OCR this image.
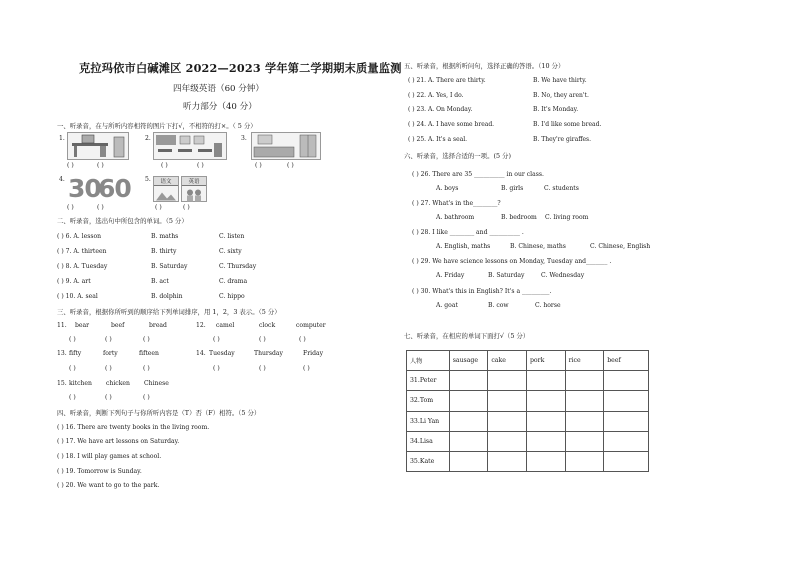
克拉玛依市白碱滩区 2022—2023 学年第二学期期末质量监测
四年级英语（60 分钟）
听力部分（40 分）
一、听录音，在与所听内容相符的图片下打√，不相符的打×。（ 5 分）
1.
( )	( )
2.
( )	( )
3.
( )	( )
4. 30
60
( )	( )
5.	语文	英语
( )	( )
二、听录音，选出句中所包含的单词。（5 分）
( ) 6. A. lesson	B. maths	C. listen
( ) 7. A. thirteen	B. thirty	C. sixty
( ) 8. A. Tuesday	B. Saturday	C. Thursday
( ) 9. A. art	B. act	C. drama
( ) 10. A. seal	B. dolphin	C. hippo
三、听录音，根据你所听到的顺序给下列单词排序，用 1，2，3 表示。（5 分）
11. bear	beef	bread	12. camel	clock	computer
( )	( )	( )	( )	( )	( )
13. fifty	forty	fifteen	14. Tuesday	Thursday	Friday
( )	( )	( )	( )	( )	( )
15. kitchen chicken Chinese
( )	( )	( )
四、听录音，判断下列句子与你所听内容是（T）否（F）相符。（5 分）
( ) 16. There are twenty books in the living room.
( ) 17. We have art lessons on Saturday.
( ) 18. I will play games at school.
( ) 19. Tomorrow is Sunday.
( ) 20. We want to go to the park.
五、听录音，根据所听问句，选择正确的答语。（10 分）
( ) 21. A. There are thirty.	B. We have thirty.
( ) 22. A. Yes, I do.	B. No, they aren't.
( ) 23. A. On Monday.	B. It's Monday.
( ) 24. A. I have some bread.	B. I'd like some bread.
( ) 25. A. It's a seal.	B. They're giraffes.
六、听录音，选择合适的一项。(5 分)
( ) 26. There are 35 __________ in our class.
A. boys	B. girls	C. students
( ) 27. What's in the________?
A. bathroom	B. bedroom C. living room
( ) 28. I like ________ and __________ .
A. English, maths	B. Chinese, maths	C. Chinese, English
( ) 29. We have science lessons on Monday, Tuesday and_______ .
A. Friday	B. Saturday	C. Wednesday
( ) 30. What's this in English? It's a _________.
A. goat	B. cow	C. horse
七、听录音，在相应的单词下面打√（5 分）
人物	sausage	cake	pork	rice	beef
31.Peter					
32.Tom					
33.Li Yan					
34.Lisa					
35.Kate					
